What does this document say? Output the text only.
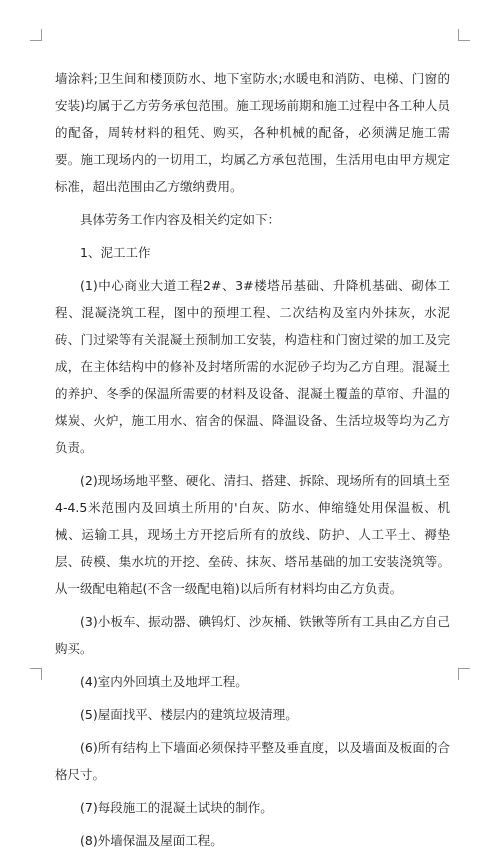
墙涂料;卫生间和楼顶防水、地下室防水;水暖电和消防、电梯、门窗的安装)均属于乙方劳务承包范围。施工现场前期和施工过程中各工种人员的配备，周转材料的租凭、购买，各种机械的配备，必须满足施工需要。施工现场内的一切用工，均属乙方承包范围，生活用电由甲方规定标准，超出范围由乙方缴纳费用。

具体劳务工作内容及相关约定如下：

1、泥工工作

(1)中心商业大道工程2#、3#楼塔吊基础、升降机基础、砌体工程、混凝浇筑工程，图中的预埋工程、二次结构及室内外抹灰，水泥砖、门过梁等有关混凝土预制加工安装，构造柱和门窗过梁的加工及完成，在主体结构中的修补及封堵所需的水泥砂子均为乙方自理。混凝土的养护、冬季的保温所需要的材料及设备、混凝土覆盖的草帘、升温的煤炭、火炉，施工用水、宿舍的保温、降温设备、生活垃圾等均为乙方负责。

(2)现场场地平整、硬化、清扫、搭建、拆除、现场所有的回填土至4-4.5米范围内及回填土所用的'白灰、防水、伸缩缝处用保温板、机械、运输工具，现场土方开挖后所有的放线、防护、人工平土、褥垫层、砖模、集水坑的开挖、垒砖、抹灰、塔吊基础的加工安装浇筑等。从一级配电箱起(不含一级配电箱)以后所有材料均由乙方负责。

(3)小板车、振动器、碘钨灯、沙灰桶、铁锹等所有工具由乙方自己购买。

(4)室内外回填土及地坪工程。

(5)屋面找平、楼层内的建筑垃圾清理。

(6)所有结构上下墙面必须保持平整及垂直度，以及墙面及板面的合格尺寸。

(7)每段施工的混凝土试块的制作。

(8)外墙保温及屋面工程。
